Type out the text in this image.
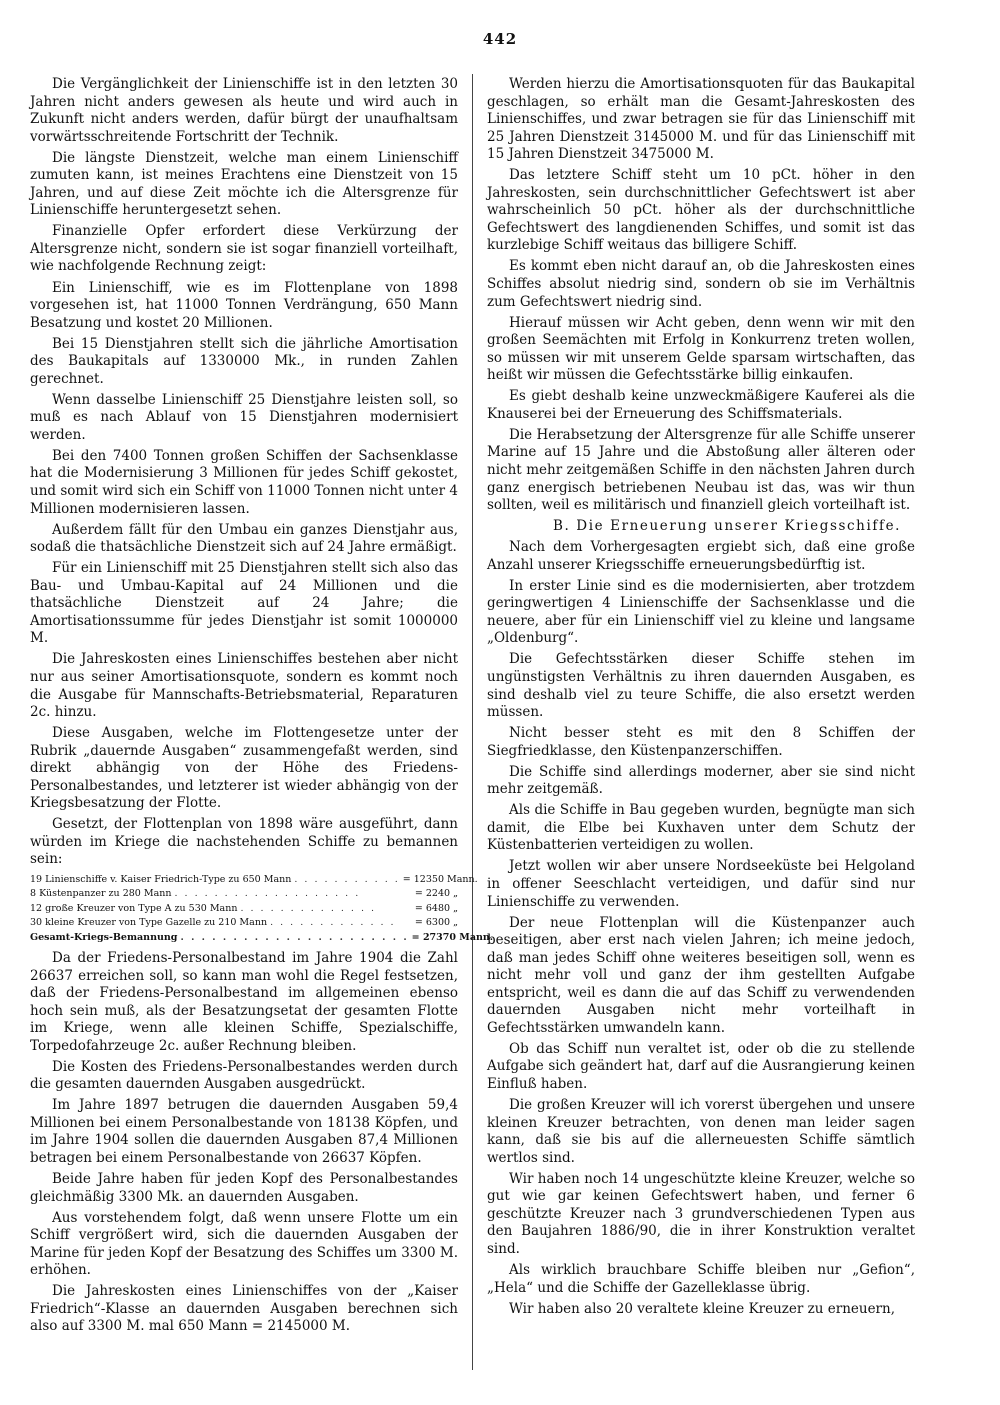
442

Die Vergänglichkeit der Linienschiffe ist in den letzten 30 Jahren nicht anders gewesen als heute und wird auch in Zukunft nicht anders werden, dafür bürgt der unaufhaltsam vorwärtsschreitende Fortschritt der Technik.

Die längste Dienstzeit, welche man einem Linienschiff zumuten kann, ist meines Erachtens eine Dienstzeit von 15 Jahren, und auf diese Zeit möchte ich die Altersgrenze für Linienschiffe heruntergesetzt sehen.

Finanzielle Opfer erfordert diese Verkürzung der Altersgrenze nicht, sondern sie ist sogar finanziell vorteilhaft, wie nachfolgende Rechnung zeigt:

Ein Linienschiff, wie es im Flottenplane von 1898 vorgesehen ist, hat 11000 Tonnen Verdrängung, 650 Mann Besatzung und kostet 20 Millionen.

Bei 15 Dienstjahren stellt sich die jährliche Amortisation des Baukapitals auf 1330000 Mk., in runden Zahlen gerechnet.

Wenn dasselbe Linienschiff 25 Dienstjahre leisten soll, so muß es nach Ablauf von 15 Dienstjahren modernisiert werden.

Bei den 7400 Tonnen großen Schiffen der Sachsenklasse hat die Modernisierung 3 Millionen für jedes Schiff gekostet, und somit wird sich ein Schiff von 11000 Tonnen nicht unter 4 Millionen modernisieren lassen.

Außerdem fällt für den Umbau ein ganzes Dienstjahr aus, sodaß die thatsächliche Dienstzeit sich auf 24 Jahre ermäßigt.

Für ein Linienschiff mit 25 Dienstjahren stellt sich also das Bau- und Umbau-Kapital auf 24 Millionen und die thatsächliche Dienstzeit auf 24 Jahre; die Amortisationssumme für jedes Dienstjahr ist somit 1000000 M.

Die Jahreskosten eines Linienschiffes bestehen aber nicht nur aus seiner Amortisationsquote, sondern es kommt noch die Ausgabe für Mannschafts-Betriebsmaterial, Reparaturen 2c. hinzu.

Diese Ausgaben, welche im Flottengesetze unter der Rubrik „dauernde Ausgaben“ zusammengefaßt werden, sind direkt abhängig von der Höhe des Friedens-Personalbestandes, und letzterer ist wieder abhängig von der Kriegsbesatzung der Flotte.

Gesetzt, der Flottenplan von 1898 wäre ausgeführt, dann würden im Kriege die nachstehenden Schiffe zu bemannen sein:

19 Linienschiffe v. Kaiser Friedrich-Type zu 650 Mann . . . . . . . . . . . = 12350 Mann.
8 Küstenpanzer zu 280 Mann . . . . . . . . . . . . . . . . . . .	= 2240 „
12 große Kreuzer von Type A zu 530 Mann . . . . . . . . . . . . . .	= 6480 „
30 kleine Kreuzer von Type Gazelle zu 210 Mann . . . . . . . . . . . . .	= 6300 „
Gesamt-Kriegs-Bemannung . . . . . . . . . . . . . . . . . . . . . . = 27370 Mann.

Da der Friedens-Personalbestand im Jahre 1904 die Zahl 26637 erreichen soll, so kann man wohl die Regel festsetzen, daß der Friedens-Personalbestand im allgemeinen ebenso hoch sein muß, als der Besatzungsetat der gesamten Flotte im Kriege, wenn alle kleinen Schiffe, Spezialschiffe, Torpedofahrzeuge 2c. außer Rechnung bleiben.

Die Kosten des Friedens-Personalbestandes werden durch die gesamten dauernden Ausgaben ausgedrückt.

Im Jahre 1897 betrugen die dauernden Ausgaben 59,4 Millionen bei einem Personalbestande von 18138 Köpfen, und im Jahre 1904 sollen die dauernden Ausgaben 87,4 Millionen betragen bei einem Personalbestande von 26637 Köpfen.

Beide Jahre haben für jeden Kopf des Personalbestandes gleichmäßig 3300 Mk. an dauernden Ausgaben.

Aus vorstehendem folgt, daß wenn unsere Flotte um ein Schiff vergrößert wird, sich die dauernden Ausgaben der Marine für jeden Kopf der Besatzung des Schiffes um 3300 M. erhöhen.

Die Jahreskosten eines Linienschiffes von der „Kaiser Friedrich“-Klasse an dauernden Ausgaben berechnen sich also auf 3300 M. mal 650 Mann = 2145000 M.

Werden hierzu die Amortisationsquoten für das Baukapital geschlagen, so erhält man die Gesamt-Jahreskosten des Linienschiffes, und zwar betragen sie für das Linienschiff mit 25 Jahren Dienstzeit 3145000 M. und für das Linienschiff mit 15 Jahren Dienstzeit 3475000 M.

Das letztere Schiff steht um 10 pCt. höher in den Jahreskosten, sein durchschnittlicher Gefechtswert ist aber wahrscheinlich 50 pCt. höher als der durchschnittliche Gefechtswert des langdienenden Schiffes, und somit ist das kurzlebige Schiff weitaus das billigere Schiff.

Es kommt eben nicht darauf an, ob die Jahreskosten eines Schiffes absolut niedrig sind, sondern ob sie im Verhältnis zum Gefechtswert niedrig sind.

Hierauf müssen wir Acht geben, denn wenn wir mit den großen Seemächten mit Erfolg in Konkurrenz treten wollen, so müssen wir mit unserem Gelde sparsam wirtschaften, das heißt wir müssen die Gefechtsstärke billig einkaufen.

Es giebt deshalb keine unzweckmäßigere Kauferei als die Knauserei bei der Erneuerung des Schiffsmaterials.

Die Herabsetzung der Altersgrenze für alle Schiffe unserer Marine auf 15 Jahre und die Abstoßung aller älteren oder nicht mehr zeitgemäßen Schiffe in den nächsten Jahren durch ganz energisch betriebenen Neubau ist das, was wir thun sollten, weil es militärisch und finanziell gleich vorteilhaft ist.

B. Die Erneuerung unserer Kriegsschiffe.

Nach dem Vorhergesagten ergiebt sich, daß eine große Anzahl unserer Kriegsschiffe erneuerungsbedürftig ist.

In erster Linie sind es die modernisierten, aber trotzdem geringwertigen 4 Linienschiffe der Sachsenklasse und die neuere, aber für ein Linienschiff viel zu kleine und langsame „Oldenburg“.

Die Gefechtsstärken dieser Schiffe stehen im ungünstigsten Verhältnis zu ihren dauernden Ausgaben, es sind deshalb viel zu teure Schiffe, die also ersetzt werden müssen.

Nicht besser steht es mit den 8 Schiffen der Siegfriedklasse, den Küstenpanzerschiffen.

Die Schiffe sind allerdings moderner, aber sie sind nicht mehr zeitgemäß.

Als die Schiffe in Bau gegeben wurden, begnügte man sich damit, die Elbe bei Kuxhaven unter dem Schutz der Küstenbatterien verteidigen zu wollen.

Jetzt wollen wir aber unsere Nordseeküste bei Helgoland in offener Seeschlacht verteidigen, und dafür sind nur Linienschiffe zu verwenden.

Der neue Flottenplan will die Küstenpanzer auch beseitigen, aber erst nach vielen Jahren; ich meine jedoch, daß man jedes Schiff ohne weiteres beseitigen soll, wenn es nicht mehr voll und ganz der ihm gestellten Aufgabe entspricht, weil es dann die auf das Schiff zu verwendenden dauernden Ausgaben nicht mehr vorteilhaft in Gefechtsstärken umwandeln kann.

Ob das Schiff nun veraltet ist, oder ob die zu stellende Aufgabe sich geändert hat, darf auf die Ausrangierung keinen Einfluß haben.

Die großen Kreuzer will ich vorerst übergehen und unsere kleinen Kreuzer betrachten, von denen man leider sagen kann, daß sie bis auf die allerneuesten Schiffe sämtlich wertlos sind.

Wir haben noch 14 ungeschützte kleine Kreuzer, welche so gut wie gar keinen Gefechtswert haben, und ferner 6 geschützte Kreuzer nach 3 grundverschiedenen Typen aus den Baujahren 1886/90, die in ihrer Konstruktion veraltet sind.

Als wirklich brauchbare Schiffe bleiben nur „Gefion“, „Hela“ und die Schiffe der Gazelleklasse übrig.

Wir haben also 20 veraltete kleine Kreuzer zu erneuern,
